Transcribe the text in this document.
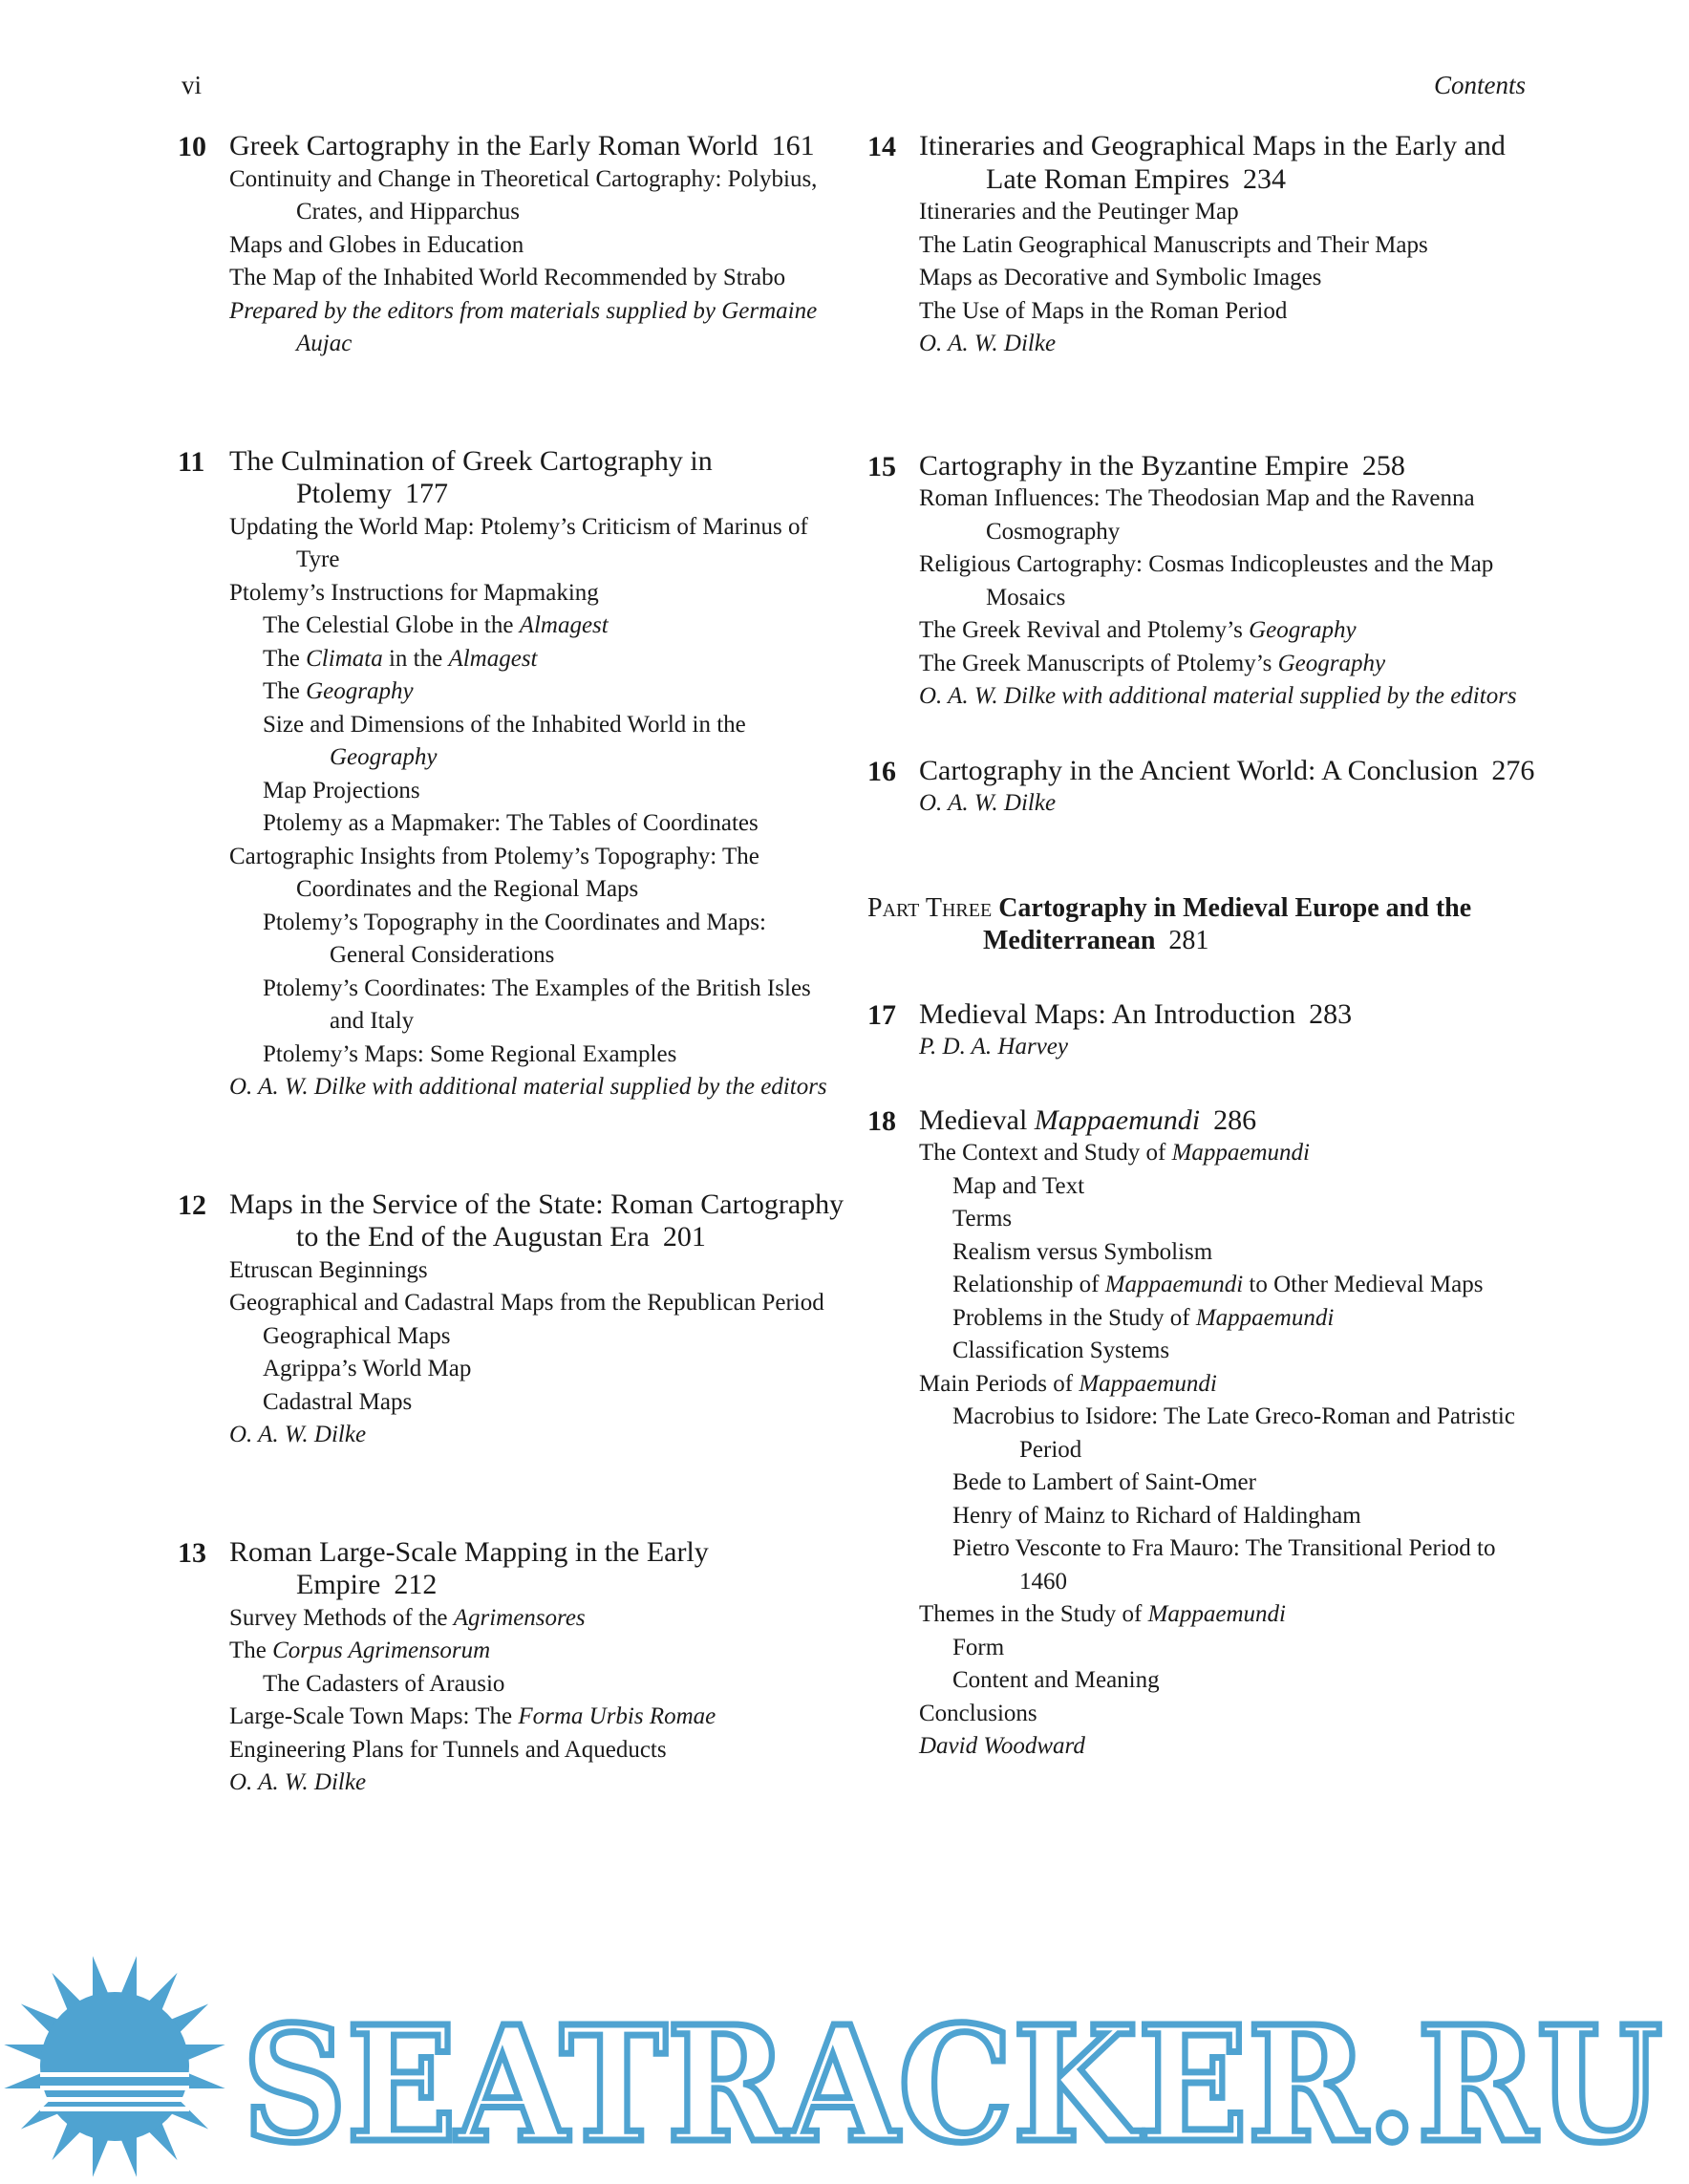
vi	Contents
10 Greek Cartography in the Early Roman World 161
Continuity and Change in Theoretical Cartography: Polybius, Crates, and Hipparchus
Maps and Globes in Education
The Map of the Inhabited World Recommended by Strabo
Prepared by the editors from materials supplied by Germaine Aujac
11 The Culmination of Greek Cartography in Ptolemy 177
Updating the World Map: Ptolemy’s Criticism of Marinus of Tyre
Ptolemy’s Instructions for Mapmaking
The Celestial Globe in the Almagest
The Climata in the Almagest
The Geography
Size and Dimensions of the Inhabited World in the Geography
Map Projections
Ptolemy as a Mapmaker: The Tables of Coordinates
Cartographic Insights from Ptolemy’s Topography: The Coordinates and the Regional Maps
Ptolemy’s Topography in the Coordinates and Maps: General Considerations
Ptolemy’s Coordinates: The Examples of the British Isles and Italy
Ptolemy’s Maps: Some Regional Examples
O. A. W. Dilke with additional material supplied by the editors
12 Maps in the Service of the State: Roman Cartography to the End of the Augustan Era 201
Etruscan Beginnings
Geographical and Cadastral Maps from the Republican Period
Geographical Maps
Agrippa’s World Map
Cadastral Maps
O. A. W. Dilke
13 Roman Large-Scale Mapping in the Early Empire 212
Survey Methods of the Agrimensores
The Corpus Agrimensorum
The Cadasters of Arausio
Large-Scale Town Maps: The Forma Urbis Romae
Engineering Plans for Tunnels and Aqueducts
O. A. W. Dilke
14 Itineraries and Geographical Maps in the Early and Late Roman Empires 234
Itineraries and the Peutinger Map
The Latin Geographical Manuscripts and Their Maps
Maps as Decorative and Symbolic Images
The Use of Maps in the Roman Period
O. A. W. Dilke
15 Cartography in the Byzantine Empire 258
Roman Influences: The Theodosian Map and the Ravenna Cosmography
Religious Cartography: Cosmas Indicopleustes and the Map Mosaics
The Greek Revival and Ptolemy’s Geography
The Greek Manuscripts of Ptolemy’s Geography
O. A. W. Dilke with additional material supplied by the editors
16 Cartography in the Ancient World: A Conclusion 276
O. A. W. Dilke
Part Three Cartography in Medieval Europe and the Mediterranean 281
17 Medieval Maps: An Introduction 283
P. D. A. Harvey
18 Medieval Mappaemundi 286
The Context and Study of Mappaemundi
Map and Text
Terms
Realism versus Symbolism
Relationship of Mappaemundi to Other Medieval Maps
Problems in the Study of Mappaemundi
Classification Systems
Main Periods of Mappaemundi
Macrobius to Isidore: The Late Greco-Roman and Patristic Period
Bede to Lambert of Saint-Omer
Henry of Mainz to Richard of Haldingham
Pietro Vesconte to Fra Mauro: The Transitional Period to 1460
Themes in the Study of Mappaemundi
Form
Content and Meaning
Conclusions
David Woodward
SEATRACKER.RU
